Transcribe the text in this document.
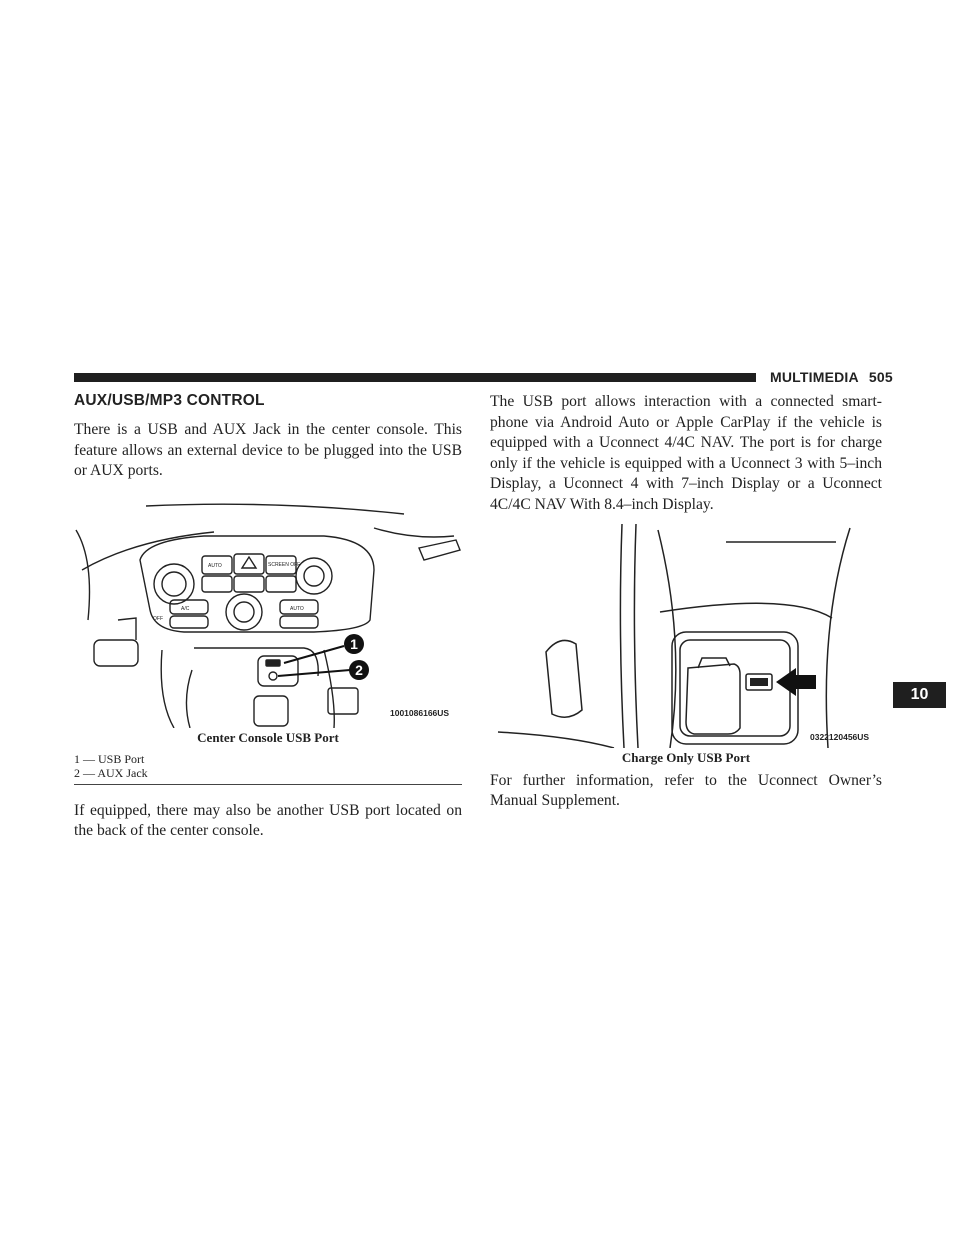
MULTIMEDIA 505
10
AUX/USB/MP3 CONTROL

There is a USB and AUX Jack in the center console. This feature allows an external device to be plugged into the USB or AUX ports.

AUTO	SCREEN OFF
A/C
OFF
AUTO
1
2
1001086166US
Center Console USB Port
1 — USB Port
2 — AUX Jack

If equipped, there may also be another USB port located on the back of the center console.

The USB port allows interaction with a connected smart-phone via Android Auto or Apple CarPlay if the vehicle is equipped with a Uconnect 4/4C NAV. The port is for charge only if the vehicle is equipped with a Uconnect 3 with 5–inch Display, a Uconnect 4 with 7–inch Display or a Uconnect 4C/4C NAV With 8.4–inch Display.

0322120456US
Charge Only USB Port

For further information, refer to the Uconnect Owner’s Manual Supplement.
